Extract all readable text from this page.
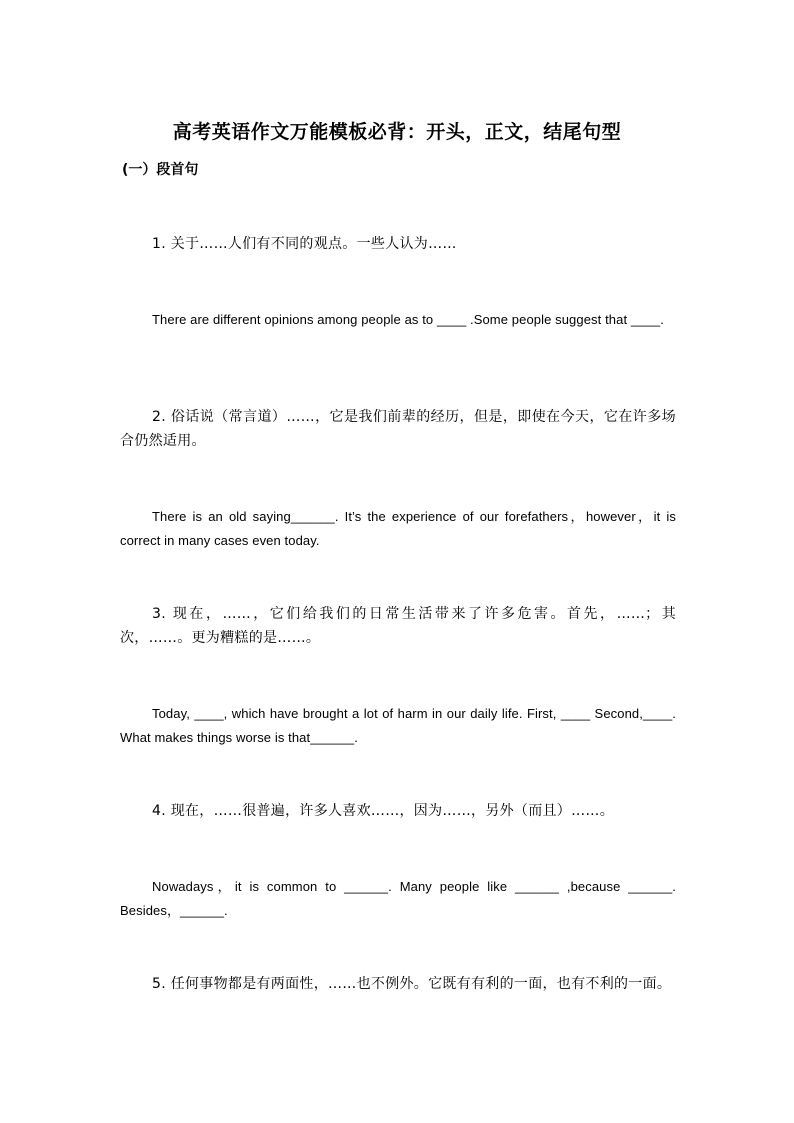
高考英语作文万能模板必背：开头，正文，结尾句型
(一）段首句

1. 关于……人们有不同的观点。一些人认为……

There are different opinions among people as to ____ .Some people suggest that ____.

2. 俗话说（常言道）……，它是我们前辈的经历，但是，即使在今天，它在许多场合仍然适用。

There is an old saying______. It’s the experience of our forefathers，however，it is correct in many cases even today.

3. 现在，……，它们给我们的日常生活带来了许多危害。首先，……；其次，……。更为糟糕的是……。

Today, ____, which have brought a lot of harm in our daily life. First, ____ Second,____. What makes things worse is that______.

4. 现在，……很普遍，许多人喜欢……，因为……，另外（而且）……。

Nowadays，it is common to ______. Many people like ______ ,because ______. Besides，______.

5. 任何事物都是有两面性，……也不例外。它既有有利的一面，也有不利的一面。
